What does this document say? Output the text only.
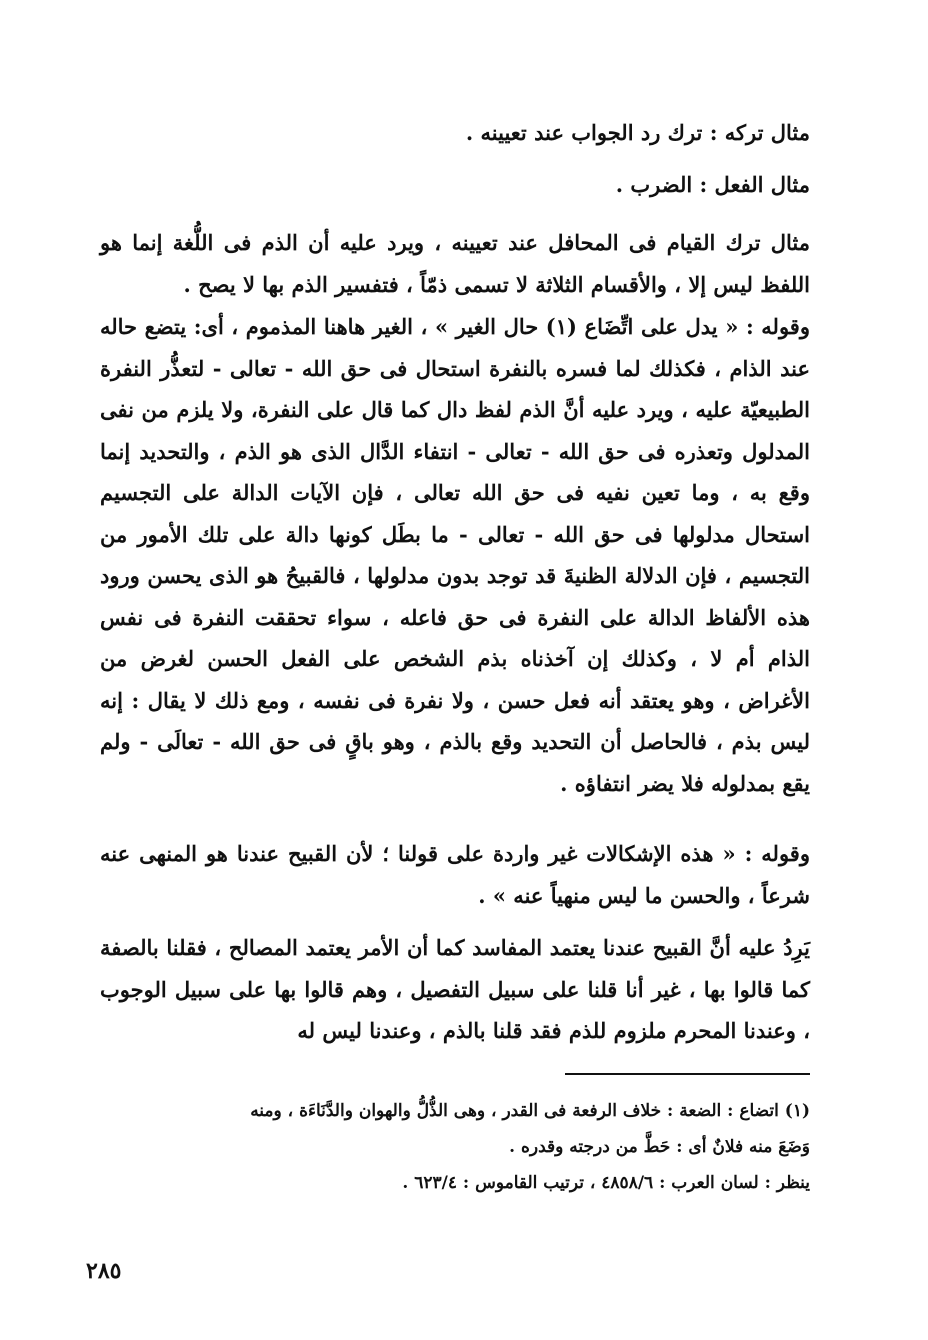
مثال تركه : ترك رد الجواب عند تعيينه .
مثال الفعل : الضرب .

مثال ترك القيام فى المحافل عند تعيينه ، ويرد عليه أن الذم فى اللُّغة إنما هو اللفظ ليس إلا ، والأقسام الثلاثة لا تسمى ذمّاً ، فتفسير الذم بها لا يصح .

وقوله : « يدل على اتِّضَاع (١) حال الغير » ، الغير هاهنا المذموم ، أى: يتضع حاله عند الذام ، فكذلك لما فسره بالنفرة استحال فى حق الله - تعالى - لتعذُّر النفرة الطبيعيّة عليه ، ويرد عليه أنَّ الذم لفظ دال كما قال على النفرة، ولا يلزم من نفى المدلول وتعذره فى حق الله - تعالى - انتفاء الدَّال الذى هو الذم ، والتحديد إنما وقع به ، وما تعين نفيه فى حق الله تعالى ، فإن الآيات الدالة على التجسيم استحال مدلولها فى حق الله - تعالى - ما بطَل كونها دالة على تلك الأمور من التجسيم ، فإن الدلالة الظنيةَ قد توجد بدون مدلولها ، فالقبيحُ هو الذى يحسن ورود هذه الألفاظ الدالة على النفرة فى حق فاعله ، سواء تحققت النفرة فى نفس الذام أم لا ، وكذلك إن آخذناه بذم الشخص على الفعل الحسن لغرض من الأغراض ، وهو يعتقد أنه فعل حسن ، ولا نفرة فى نفسه ، ومع ذلك لا يقال : إنه ليس بذم ، فالحاصل أن التحديد وقع بالذم ، وهو باقٍ فى حق الله - تعالَى - ولم يقع بمدلوله فلا يضر انتفاؤه .

وقوله : « هذه الإشكالات غير واردة على قولنا ؛ لأن القبيح عندنا هو المنهى عنه شرعاً ، والحسن ما ليس منهياً عنه » .

يَرِدُ عليه أنَّ القبيح عندنا يعتمد المفاسد كما أن الأمر يعتمد المصالح ، فقلنا بالصفة كما قالوا بها ، غير أنا قلنا على سبيل التفصيل ، وهم قالوا بها على سبيل الوجوب ، وعندنا المحرم ملزوم للذم فقد قلنا بالذم ، وعندنا ليس له

(١) اتضاع : الضعة : خلاف الرفعة فى القدر ، وهى الذُّلُّ والهوان والدَّنَاءَة ، ومنه
وَضَعَ منه فلانٌ أى : حَطَّ من درجته وقدره .
ينظر : لسان العرب : ٤٨٥٨/٦ ، ترتيب القاموس : ٦٢٣/٤ .
٢٨٥
